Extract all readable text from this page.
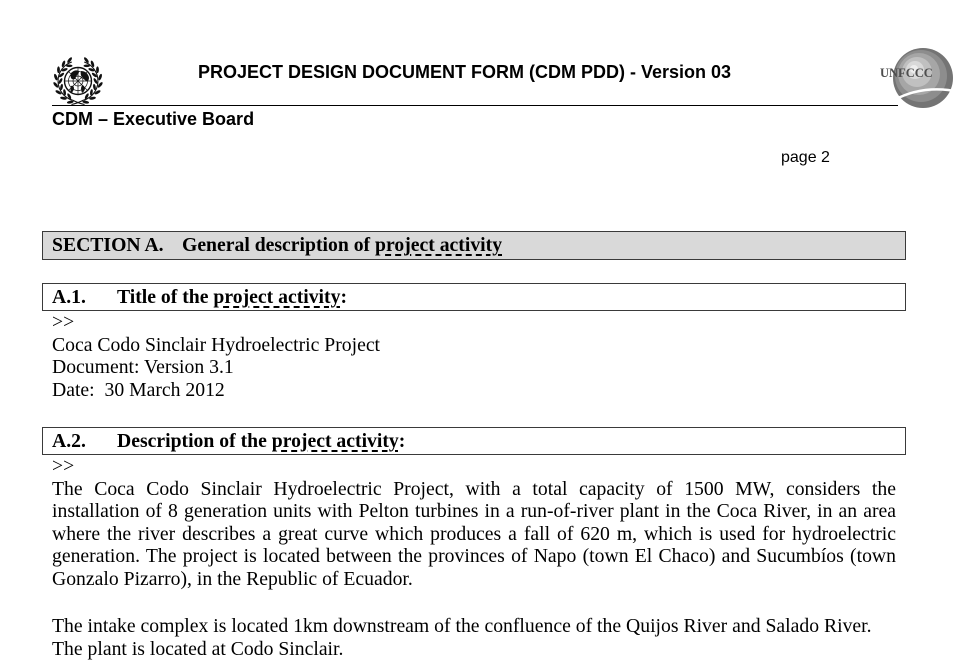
PROJECT DESIGN DOCUMENT FORM (CDM PDD) - Version 03	UNFCCC
CDM – Executive Board
page 2
SECTION A. General description of project activity
A.1. Title of the project activity:
>>
Coca Codo Sinclair Hydroelectric Project
Document: Version 3.1
Date:  30 March 2012
A.2. Description of the project activity:
>>
The Coca Codo Sinclair Hydroelectric Project, with a total capacity of 1500 MW, considers the
installation of 8 generation units with Pelton turbines in a run-of-river plant in the Coca River, in an area
where the river describes a great curve which produces a fall of 620 m, which is used for hydroelectric
generation. The project is located between the provinces of Napo (town El Chaco) and Sucumbíos (town
Gonzalo Pizarro), in the Republic of Ecuador.
The intake complex is located 1km downstream of the confluence of the Quijos River and Salado River.
The plant is located at Codo Sinclair.
